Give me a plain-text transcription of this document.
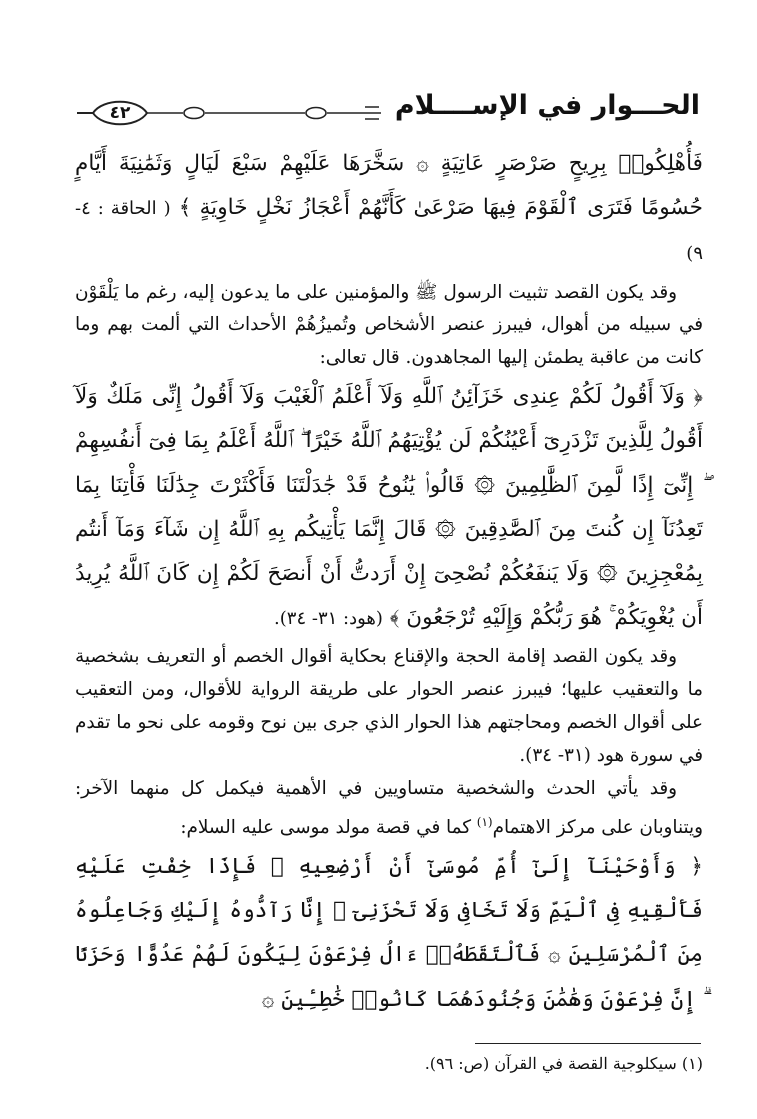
٤٢	الحـــوار في الإســــلام

فَأُهْلِكُوا۟ بِرِيحٍ صَرْصَرٍ عَاتِيَةٍ ۞ سَخَّرَهَا عَلَيْهِمْ سَبْعَ لَيَالٍ وَثَمَٰنِيَةَ أَيَّامٍ حُسُومًا فَتَرَى ٱلْقَوْمَ فِيهَا صَرْعَىٰ كَأَنَّهُمْ أَعْجَازُ نَخْلٍ خَاوِيَةٍ ﴾ ( الحاقة : ٤- ٩)

وقد يكون القصد تثبيت الرسول ﷺ والمؤمنين على ما يدعون إليه، رغم ما يَلْقَوْن في سبيله من أهوال، فيبرز عنصر الأشخاص وتُميزُهُمْ الأحداث التي ألمت بهم وما كانت من عاقبة يطمئن إليها المجاهدون. قال تعالى:

﴿ وَلَآ أَقُولُ لَكُمْ عِندِى خَزَآئِنُ ٱللَّهِ وَلَآ أَعْلَمُ ٱلْغَيْبَ وَلَآ أَقُولُ إِنِّى مَلَكٌ وَلَآ أَقُولُ لِلَّذِينَ تَزْدَرِىٓ أَعْيُنُكُمْ لَن يُؤْتِيَهُمُ ٱللَّهُ خَيْرًا ۖ ٱللَّهُ أَعْلَمُ بِمَا فِىٓ أَنفُسِهِمْ ۖ إِنِّىٓ إِذًا لَّمِنَ ٱلظَّٰلِمِينَ ۞ قَالُوا۟ يَٰنُوحُ قَدْ جَٰدَلْتَنَا فَأَكْثَرْتَ جِدَٰلَنَا فَأْتِنَا بِمَا تَعِدُنَآ إِن كُنتَ مِنَ ٱلصَّٰدِقِينَ ۞ قَالَ إِنَّمَا يَأْتِيكُم بِهِ ٱللَّهُ إِن شَآءَ وَمَآ أَنتُم بِمُعْجِزِينَ ۞ وَلَا يَنفَعُكُمْ نُصْحِىٓ إِنْ أَرَدتُّ أَنْ أَنصَحَ لَكُمْ إِن كَانَ ٱللَّهُ يُرِيدُ أَن يُغْوِيَكُمْ ۚ هُوَ رَبُّكُمْ وَإِلَيْهِ تُرْجَعُونَ ﴾ (هود: ٣١- ٣٤).

وقد يكون القصد إقامة الحجة والإقناع بحكاية أقوال الخصم أو التعريف بشخصية ما والتعقيب عليها؛ فيبرز عنصر الحوار على طريقة الرواية للأقوال، ومن التعقيب على أقوال الخصم ومحاجتهم هذا الحوار الذي جرى بين نوح وقومه على نحو ما تقدم في سورة هود (٣١- ٣٤).

وقد يأتي الحدث والشخصية متساويين في الأهمية فيكمل كل منهما الآخر: ويتناوبان على مركز الاهتمام$^{(١)}$ كما في قصة مولد موسى عليه السلام:

﴿ وَأَوْحَيْنَآ إِلَىٰٓ أُمِّ مُوسَىٰٓ أَنْ أَرْضِعِيهِ ۖ فَإِذَا خِفْتِ عَلَيْهِ فَأَلْقِيهِ فِى ٱلْيَمِّ وَلَا تَخَافِى وَلَا تَحْزَنِىٓ ۖ إِنَّا رَآدُّوهُ إِلَيْكِ وَجَاعِلُوهُ مِنَ ٱلْمُرْسَلِينَ ۞ فَٱلْتَقَطَهُۥٓ ءَالُ فِرْعَوْنَ لِيَكُونَ لَهُمْ عَدُوًّا وَحَزَنًا ۗ إِنَّ فِرْعَوْنَ وَهَٰمَٰنَ وَجُنُودَهُمَا كَانُوا۟ خَٰطِـِٔينَ ۞

(١) سيكلوجية القصة في القرآن (ص: ٩٦).
